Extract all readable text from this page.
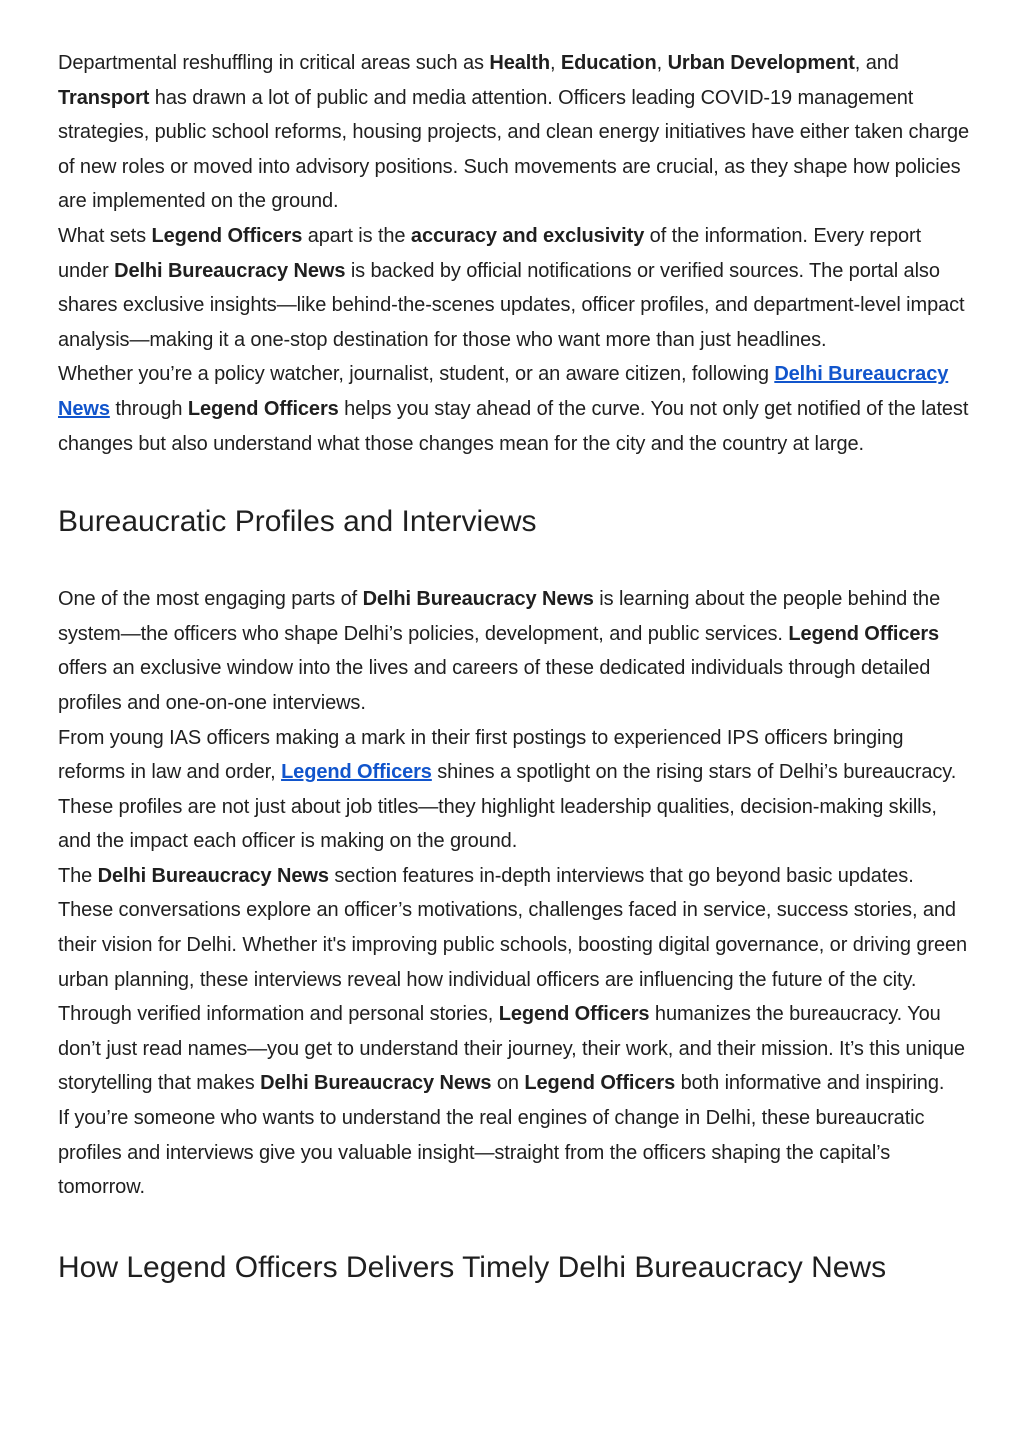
Departmental reshuffling in critical areas such as Health, Education, Urban Development, and Transport has drawn a lot of public and media attention. Officers leading COVID-19 management strategies, public school reforms, housing projects, and clean energy initiatives have either taken charge of new roles or moved into advisory positions. Such movements are crucial, as they shape how policies are implemented on the ground.

What sets Legend Officers apart is the accuracy and exclusivity of the information. Every report under Delhi Bureaucracy News is backed by official notifications or verified sources. The portal also shares exclusive insights—like behind-the-scenes updates, officer profiles, and department-level impact analysis—making it a one-stop destination for those who want more than just headlines.

Whether you’re a policy watcher, journalist, student, or an aware citizen, following Delhi Bureaucracy News through Legend Officers helps you stay ahead of the curve. You not only get notified of the latest changes but also understand what those changes mean for the city and the country at large.

Bureaucratic Profiles and Interviews

One of the most engaging parts of Delhi Bureaucracy News is learning about the people behind the system—the officers who shape Delhi’s policies, development, and public services. Legend Officers offers an exclusive window into the lives and careers of these dedicated individuals through detailed profiles and one-on-one interviews.

From young IAS officers making a mark in their first postings to experienced IPS officers bringing reforms in law and order, Legend Officers shines a spotlight on the rising stars of Delhi’s bureaucracy. These profiles are not just about job titles—they highlight leadership qualities, decision-making skills, and the impact each officer is making on the ground.

The Delhi Bureaucracy News section features in-depth interviews that go beyond basic updates. These conversations explore an officer’s motivations, challenges faced in service, success stories, and their vision for Delhi. Whether it's improving public schools, boosting digital governance, or driving green urban planning, these interviews reveal how individual officers are influencing the future of the city.

Through verified information and personal stories, Legend Officers humanizes the bureaucracy. You don’t just read names—you get to understand their journey, their work, and their mission. It’s this unique storytelling that makes Delhi Bureaucracy News on Legend Officers both informative and inspiring.

If you’re someone who wants to understand the real engines of change in Delhi, these bureaucratic profiles and interviews give you valuable insight—straight from the officers shaping the capital’s tomorrow.

How Legend Officers Delivers Timely Delhi Bureaucracy News
